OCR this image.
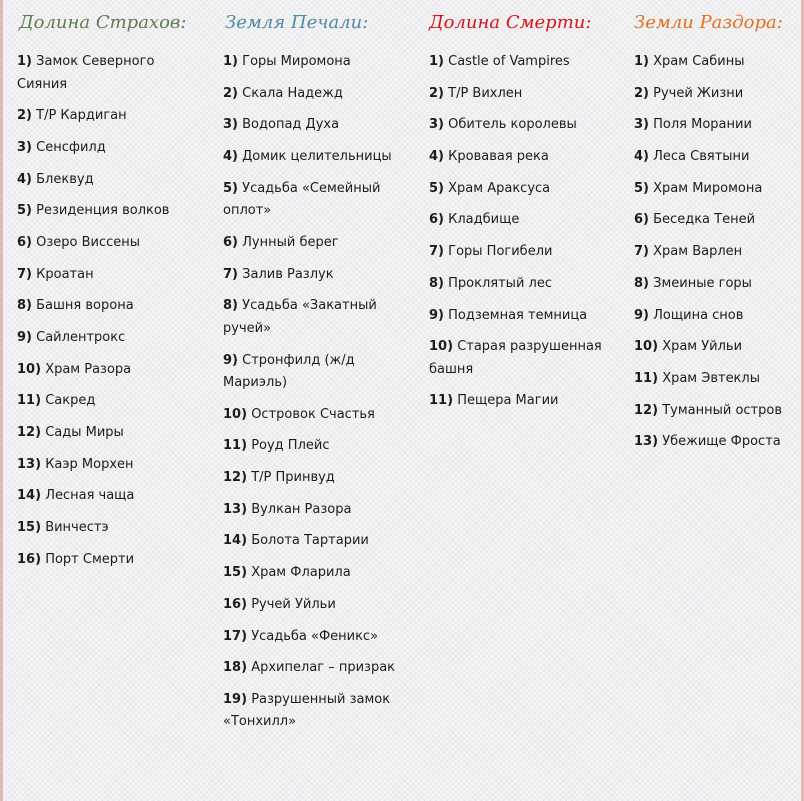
Долина Страхов:
1) Замок Северного Сияния
2) Т/Р Кардиган
3) Сенсфилд
4) Блеквуд
5) Резиденция волков
6) Озеро Виссены
7) Кроатан
8) Башня ворона
9) Сайлентрокс
10) Храм Разора
11) Сакред
12) Сады Миры
13) Каэр Морхен
14) Лесная чаща
15) Винчестэ
16) Порт Смерти
Земля Печали:
1) Горы Миромона
2) Скала Надежд
3) Водопад Духа
4) Домик целительницы
5) Усадьба «Семейный оплот»
6) Лунный берег
7) Залив Разлук
8) Усадьба «Закатный ручей»
9) Стронфилд (ж/д Мариэль)
10) Островок Счастья
11) Роуд Плейс
12) Т/Р Принвуд
13) Вулкан Разора
14) Болота Тартарии
15) Храм Фларила
16) Ручей Уйльи
17) Усадьба «Феникс»
18) Архипелаг – призрак
19) Разрушенный замок «Тонхилл»
Долина Смерти:
1) Castle of Vampires
2) Т/Р Вихлен
3) Обитель королевы
4) Кровавая река
5) Храм Араксуса
6) Кладбище
7) Горы Погибели
8) Проклятый лес
9) Подземная темница
10) Старая разрушенная башня
11) Пещера Магии
Земли Раздора:
1) Храм Сабины
2) Ручей Жизни
3) Поля Морании
4) Леса Святыни
5) Храм Миромона
6) Беседка Теней
7) Храм Варлен
8) Змеиные горы
9) Лощина снов
10) Храм Уйльи
11) Храм Эвтеклы
12) Туманный остров
13) Убежище Фроста
